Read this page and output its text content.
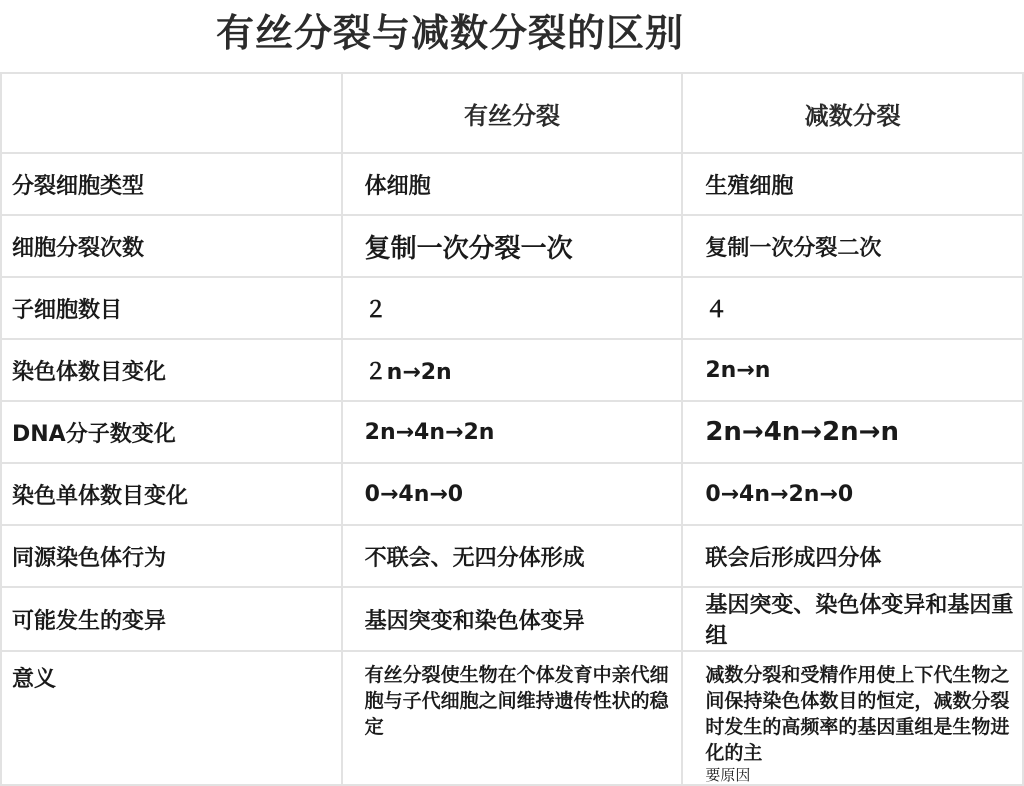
有丝分裂与减数分裂的区别
	有丝分裂	减数分裂
分裂细胞类型	体细胞	生殖细胞
细胞分裂次数	复制一次分裂一次	复制一次分裂二次
子细胞数目	２	４
染色体数目变化	２n→2n	2n→n
DNA分子数变化	2n→4n→2n	2n→4n→2n→n
染色单体数目变化	0→4n→0	0→4n→2n→0
同源染色体行为	不联会、无四分体形成	联会后形成四分体
可能发生的变异	基因突变和染色体变异	基因突变、染色体变异和基因重组
意义	有丝分裂使生物在个体发育中亲代细胞与子代细胞之间维持遗传性状的稳定	减数分裂和受精作用使上下代生物之间保持染色体数目的恒定，减数分裂时发生的高频率的基因重组是生物进化的主
要原因
